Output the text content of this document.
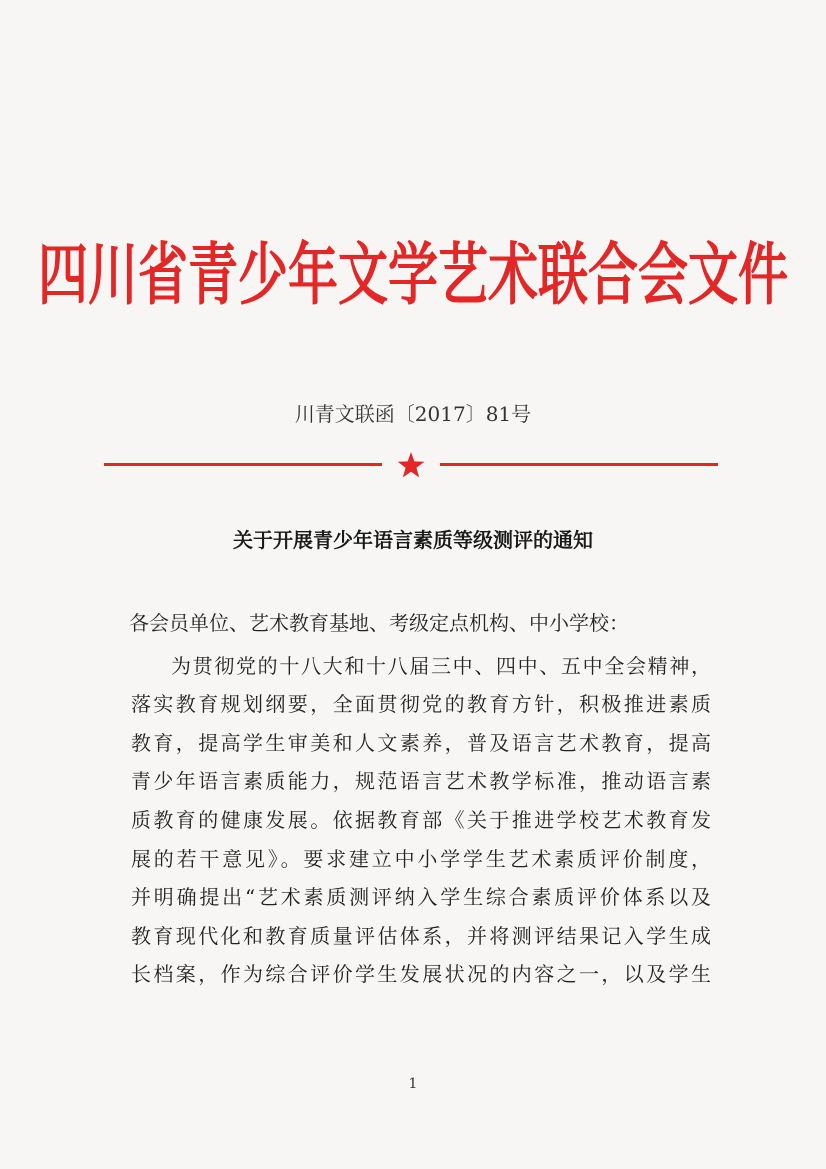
四川省青少年文学艺术联合会文件
川青文联函〔2017〕81号
关于开展青少年语言素质等级测评的通知
各会员单位、艺术教育基地、考级定点机构、中小学校：
为贯彻党的十八大和十八届三中、四中、五中全会精神，
落实教育规划纲要，全面贯彻党的教育方针，积极推进素质
教育，提高学生审美和人文素养，普及语言艺术教育，提高
青少年语言素质能力，规范语言艺术教学标准，推动语言素
质教育的健康发展。依据教育部《关于推进学校艺术教育发
展的若干意见》。要求建立中小学学生艺术素质评价制度，
并明确提出“艺术素质测评纳入学生综合素质评价体系以及
教育现代化和教育质量评估体系，并将测评结果记入学生成
长档案，作为综合评价学生发展状况的内容之一，以及学生
1
